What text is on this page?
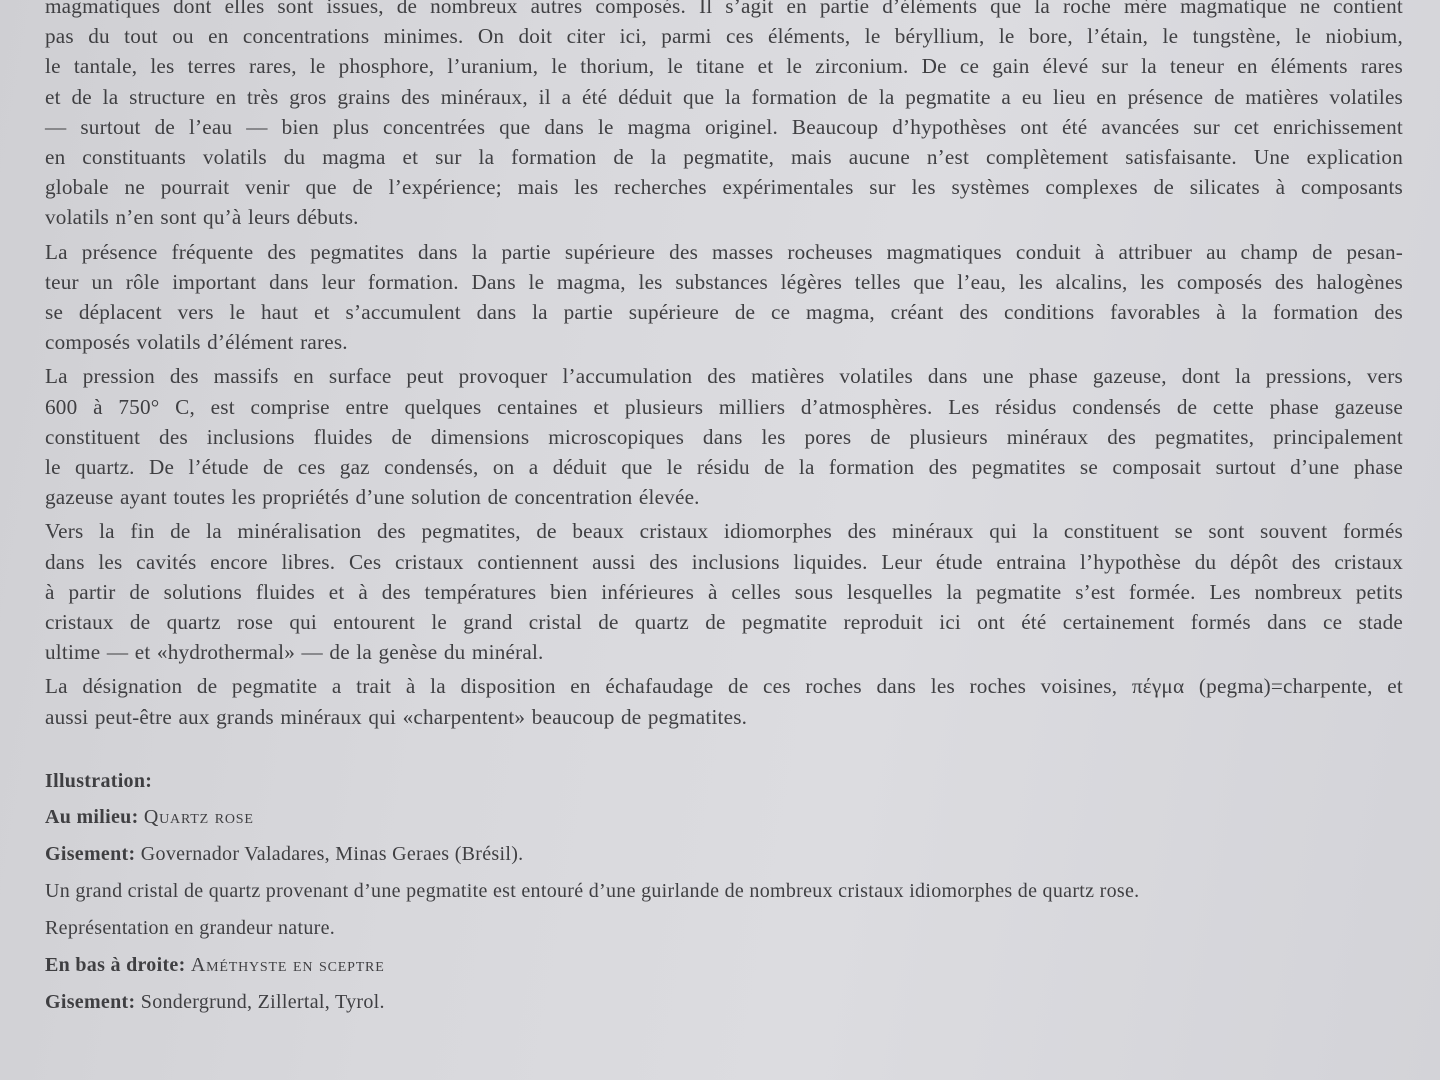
magmatiques dont elles sont issues, de nombreux autres composés. Il s’agit en partie d’éléments que la roche mère magmatique ne contient
pas du tout ou en concentrations minimes. On doit citer ici, parmi ces éléments, le béryllium, le bore, l’étain, le tungstène, le niobium,
le tantale, les terres rares, le phosphore, l’uranium, le thorium, le titane et le zirconium. De ce gain élevé sur la teneur en éléments rares
et de la structure en très gros grains des minéraux, il a été déduit que la formation de la pegmatite a eu lieu en présence de matières volatiles
— surtout de l’eau — bien plus concentrées que dans le magma originel. Beaucoup d’hypothèses ont été avancées sur cet enrichissement
en constituants volatils du magma et sur la formation de la pegmatite, mais aucune n’est complètement satisfaisante. Une explication
globale ne pourrait venir que de l’expérience; mais les recherches expérimentales sur les systèmes complexes de silicates à composants
volatils n’en sont qu’à leurs débuts.

La présence fréquente des pegmatites dans la partie supérieure des masses rocheuses magmatiques conduit à attribuer au champ de pesan-
teur un rôle important dans leur formation. Dans le magma, les substances légères telles que l’eau, les alcalins, les composés des halogènes
se déplacent vers le haut et s’accumulent dans la partie supérieure de ce magma, créant des conditions favorables à la formation des
composés volatils d’élément rares.

La pression des massifs en surface peut provoquer l’accumulation des matières volatiles dans une phase gazeuse, dont la pressions, vers
600 à 750° C, est comprise entre quelques centaines et plusieurs milliers d’atmosphères. Les résidus condensés de cette phase gazeuse
constituent des inclusions fluides de dimensions microscopiques dans les pores de plusieurs minéraux des pegmatites, principalement
le quartz. De l’étude de ces gaz condensés, on a déduit que le résidu de la formation des pegmatites se composait surtout d’une phase
gazeuse ayant toutes les propriétés d’une solution de concentration élevée.

Vers la fin de la minéralisation des pegmatites, de beaux cristaux idiomorphes des minéraux qui la constituent se sont souvent formés
dans les cavités encore libres. Ces cristaux contiennent aussi des inclusions liquides. Leur étude entraina l’hypothèse du dépôt des cristaux
à partir de solutions fluides et à des températures bien inférieures à celles sous lesquelles la pegmatite s’est formée. Les nombreux petits
cristaux de quartz rose qui entourent le grand cristal de quartz de pegmatite reproduit ici ont été certainement formés dans ce stade
ultime — et «hydrothermal» — de la genèse du minéral.

La désignation de pegmatite a trait à la disposition en échafaudage de ces roches dans les roches voisines, πέγμα (pegma)=charpente, et
aussi peut-être aux grands minéraux qui «charpentent» beaucoup de pegmatites.

Illustration:
Au milieu: Quartz rose
Gisement: Governador Valadares, Minas Geraes (Brésil).
Un grand cristal de quartz provenant d’une pegmatite est entouré d’une guirlande de nombreux cristaux idiomorphes de quartz rose.
Représentation en grandeur nature.
En bas à droite: Améthyste en sceptre
Gisement: Sondergrund, Zillertal, Tyrol.
